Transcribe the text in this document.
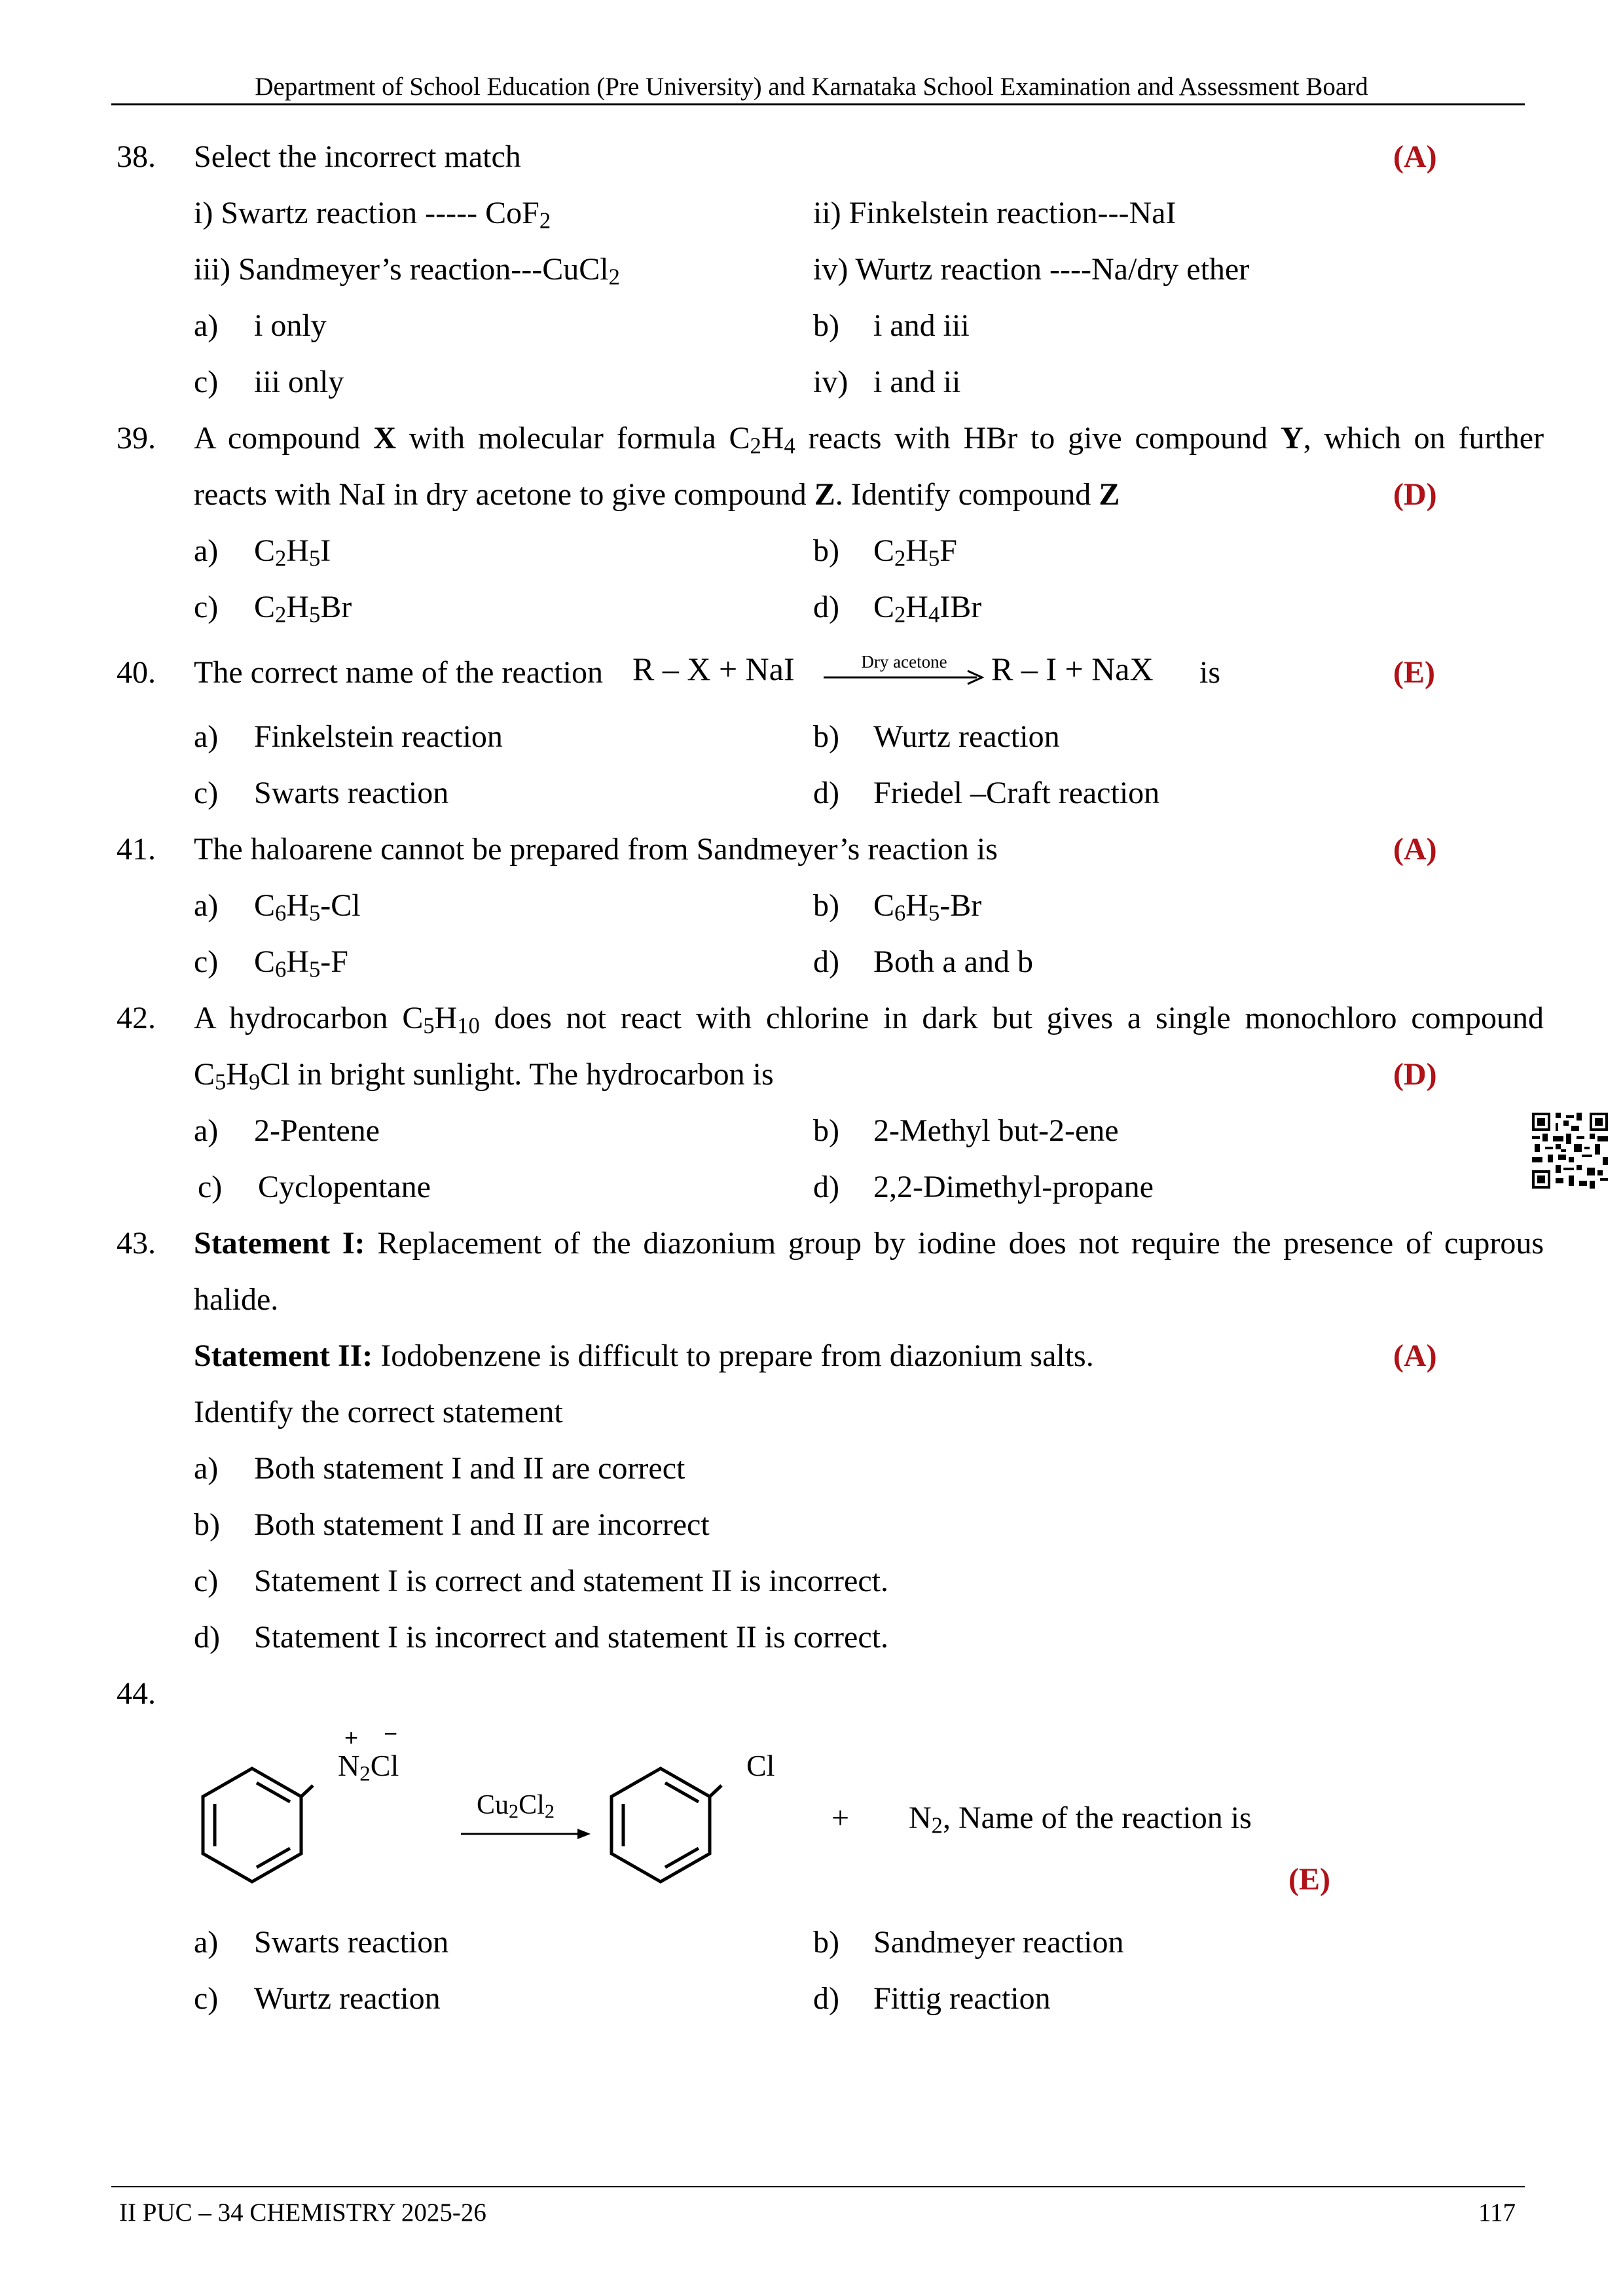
Department of School Education (Pre University) and Karnataka School Examination and Assessment Board
38. Select the incorrect match	(A)
i) Swartz reaction ----- CoF$_2$	ii) Finkelstein reaction---NaI
iii) Sandmeyer’s reaction---CuCl$_2$	iv) Wurtz reaction ----Na/dry ether
a) i only	b) i and iii
c) iii only	iv) i and ii
39. A compound X with molecular formula $C_2H_4$ reacts with HBr to give compound Y, which on further
reacts with NaI in dry acetone to give compound Z. Identify compound Z	(D)
a) $C_2H_5I$	b) $C_2H_5F$
c) $C_2H_5Br$	d) $C_2H_4IBr$
40. The correct name of the reaction R – X + NaI	Dry acetone	R – I + NaX is	(E)
a) Finkelstein reaction	b) Wurtz reaction
c) Swarts reaction	d) Friedel –Craft reaction
41. The haloarene cannot be prepared from Sandmeyer’s reaction is	(A)
a) $C_6H_5-Cl$	b) $C_6H_5-Br$
c) $C_6H_5-F$	d) Both a and b
42. A hydrocarbon $C_5H_{10}$ does not react with chlorine in dark but gives a single monochloro compound
$C_5H_9Cl$ in bright sunlight. The hydrocarbon is	(D)
a) 2-Pentene	b) 2-Methyl but-2-ene
c) Cyclopentane	d) 2,2-Dimethyl-propane
43. Statement I: Replacement of the diazonium group by iodine does not require the presence of cuprous
halide.
Statement II: Iodobenzene is difficult to prepare from diazonium salts.	(A)
Identify the correct statement
a) Both statement I and II are correct
b) Both statement I and II are incorrect
c) Statement I is correct and statement II is incorrect.
d) Statement I is incorrect and statement II is correct.
44.
+ −
$N_2Cl$
$Cu_2Cl_2$
Cl
+ $N_2$, Name of the reaction is
(E)
a) Swarts reaction	b) Sandmeyer reaction
c) Wurtz reaction	d) Fittig reaction
II PUC – 34 CHEMISTRY 2025-26	117
